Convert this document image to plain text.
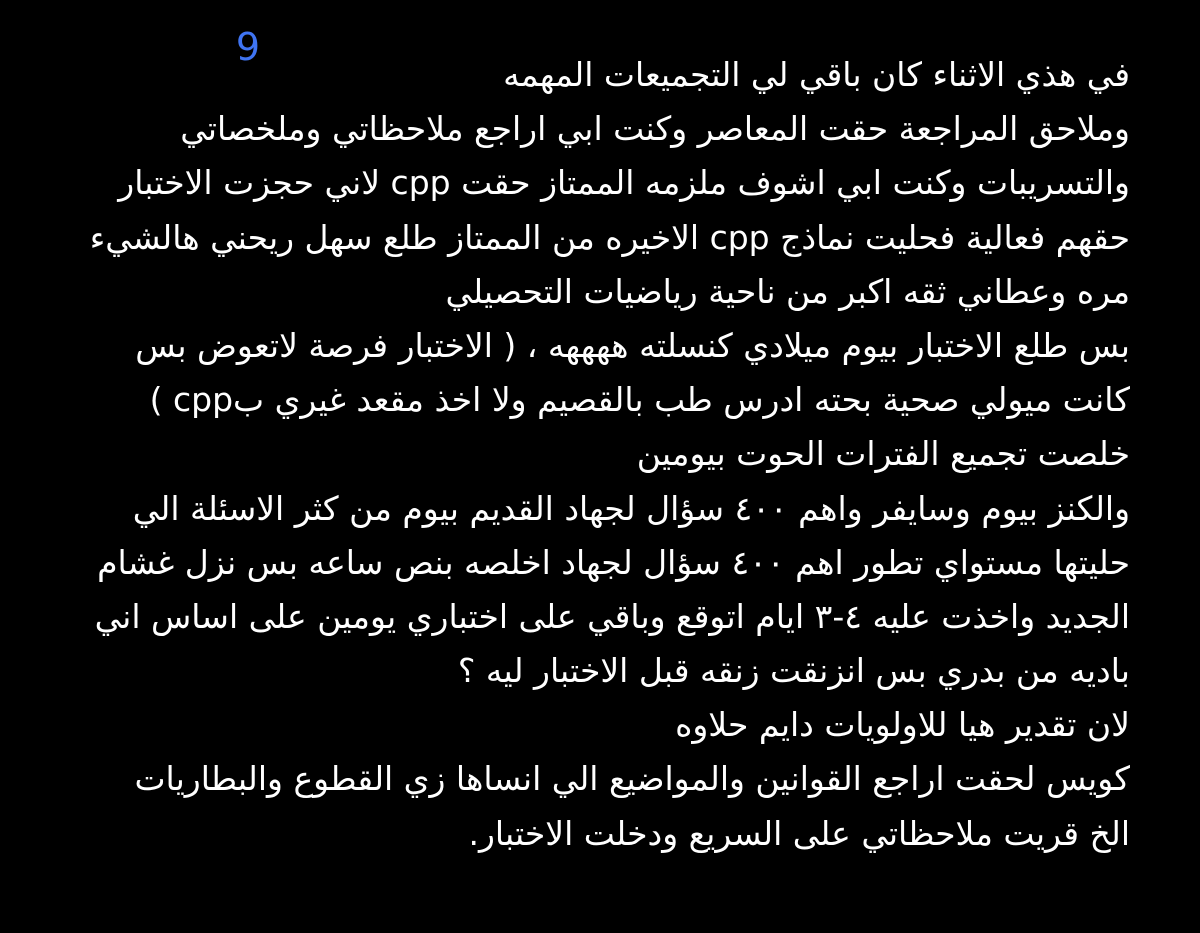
9
في هذي الاثناء كان باقي لي التجميعات المهمه
وملاحق المراجعة حقت المعاصر وكنت ابي اراجع ملاحظاتي وملخصاتي
والتسريبات وكنت ابي اشوف ملزمه الممتاز حقت cpp لاني حجزت الاختبار
حقهم فعالية فحليت نماذج cpp الاخيره من الممتاز طلع سهل ريحني هالشيء
مره وعطاني ثقه اكبر من ناحية رياضيات التحصيلي
بس طلع الاختبار بيوم ميلادي كنسلته ههههه ، ( الاختبار فرصة لاتعوض بس
كانت ميولي صحية بحته ادرس طب بالقصيم ولا اخذ مقعد غيري بcpp )
خلصت تجميع الفترات الحوت بيومين
والكنز بيوم وسايفر واهم ٤٠٠ سؤال لجهاد القديم بيوم من كثر الاسئلة الي
حليتها مستواي تطور اهم ٤٠٠ سؤال لجهاد اخلصه بنص ساعه بس نزل غشام
الجديد واخذت عليه ٤-٣ ايام اتوقع وباقي على اختباري يومين على اساس اني
باديه من بدري بس انزنقت زنقه قبل الاختبار ليه ؟
لان تقدير هيا للاولويات دايم حلاوه
كويس لحقت اراجع القوانين والمواضيع الي انساها زي القطوع والبطاريات
الخ قريت ملاحظاتي على السريع ودخلت الاختبار.
